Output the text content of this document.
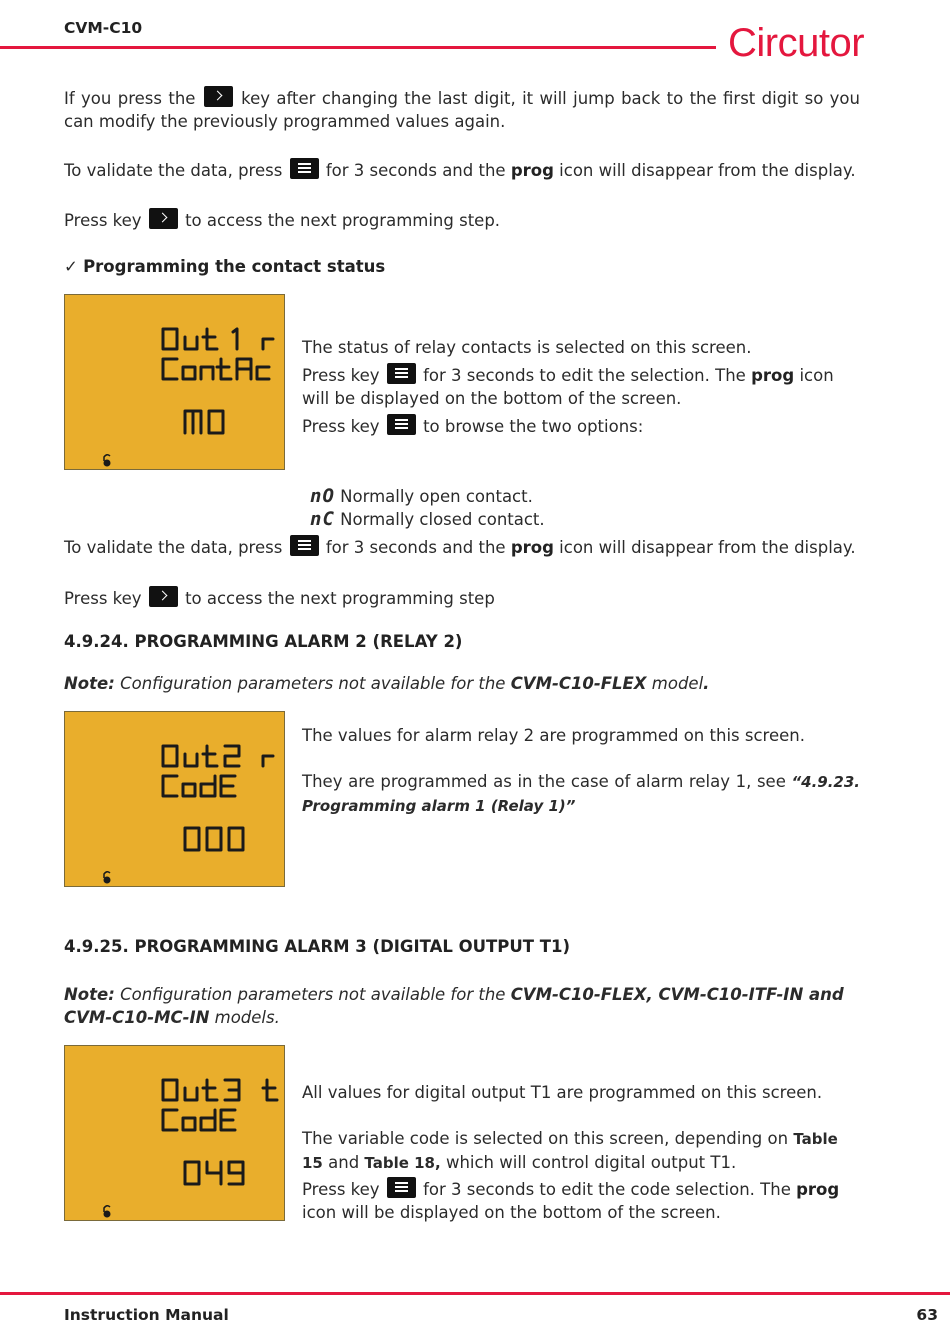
CVM-C10	Circutor
If you press the	key after changing the last digit, it will jump back to the first digit so you can modify the previously programmed values again.
To validate the data, press	for 3 seconds and the prog icon will disappear from the display.
Press key	to access the next programming step.
✓ Programming the contact status
The status of relay contacts is selected on this screen.
Press key	for 3 seconds to edit the selection. The prog icon will be displayed on the bottom of the screen.
Press key	to browse the two options:
nO Normally open contact.
nC Normally closed contact.
To validate the data, press	for 3 seconds and the prog icon will disappear from the display.
Press key	to access the next programming step
4.9.24. PROGRAMMING ALARM 2 (RELAY 2)
Note: Configuration parameters not available for the CVM-C10-FLEX model.
The values for alarm relay 2 are programmed on this screen.
They are programmed as in the case of alarm relay 1, see “4.9.23. Programming alarm 1 (Relay 1)”
4.9.25. PROGRAMMING ALARM 3 (DIGITAL OUTPUT T1)
Note: Configuration parameters not available for the CVM-C10-FLEX, CVM-C10-ITF-IN and CVM-C10-MC-IN models.
All values for digital output T1 are programmed on this screen.
The variable code is selected on this screen, depending on Table 15 and Table 18, which will control digital output T1.
Press key	for 3 seconds to edit the code selection. The prog icon will be displayed on the bottom of the screen.
Instruction Manual	63
